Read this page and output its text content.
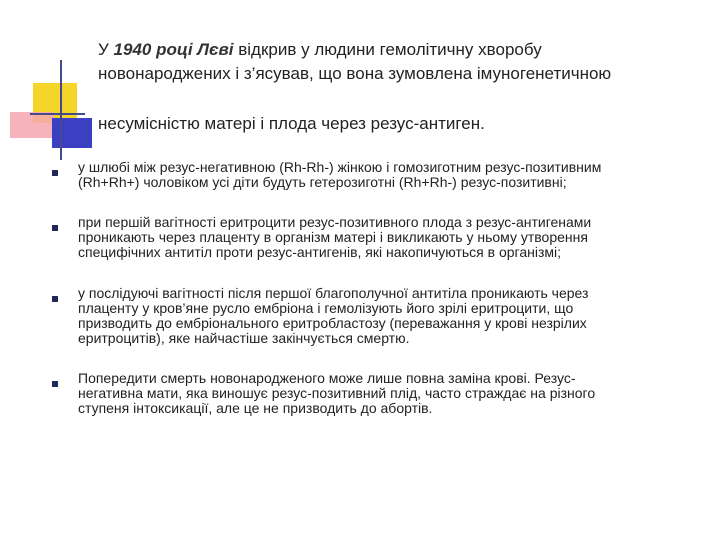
У 1940 році Лєві відкрив у людини гемолітичну хворобу
новонароджених і з’ясував, що вона зумовлена імуногенетичною
несумісністю матері і плода через резус-антиген.
у шлюбі між резус-негативною (Rh-Rh-) жінкою і гомозиготним резус-позитивним
(Rh+Rh+) чоловіком усі діти будуть гетерозиготні (Rh+Rh-) резус-позитивні;
при першій вагітності еритроцити резус-позитивного плода з резус-антигенами
проникають через плаценту в організм матері і викликають у ньому утворення
специфічних антитіл проти резус-антигенів, які накопичуються в організмі;
у послідуючі вагітності після першої благополучної антитіла проникають через
плаценту у кров’яне русло ембріона і гемолізують його зрілі еритроцити, що
призводить до ембріонального еритробластозу (переважання у крові незрілих
еритроцитів), яке найчастіше закінчується смертю.
Попередити смерть новонародженого може лише повна заміна крові. Резус-
негативна мати, яка виношує резус-позитивний плід, часто страждає на різного
ступеня інтоксикації, але це не призводить до абортів.
